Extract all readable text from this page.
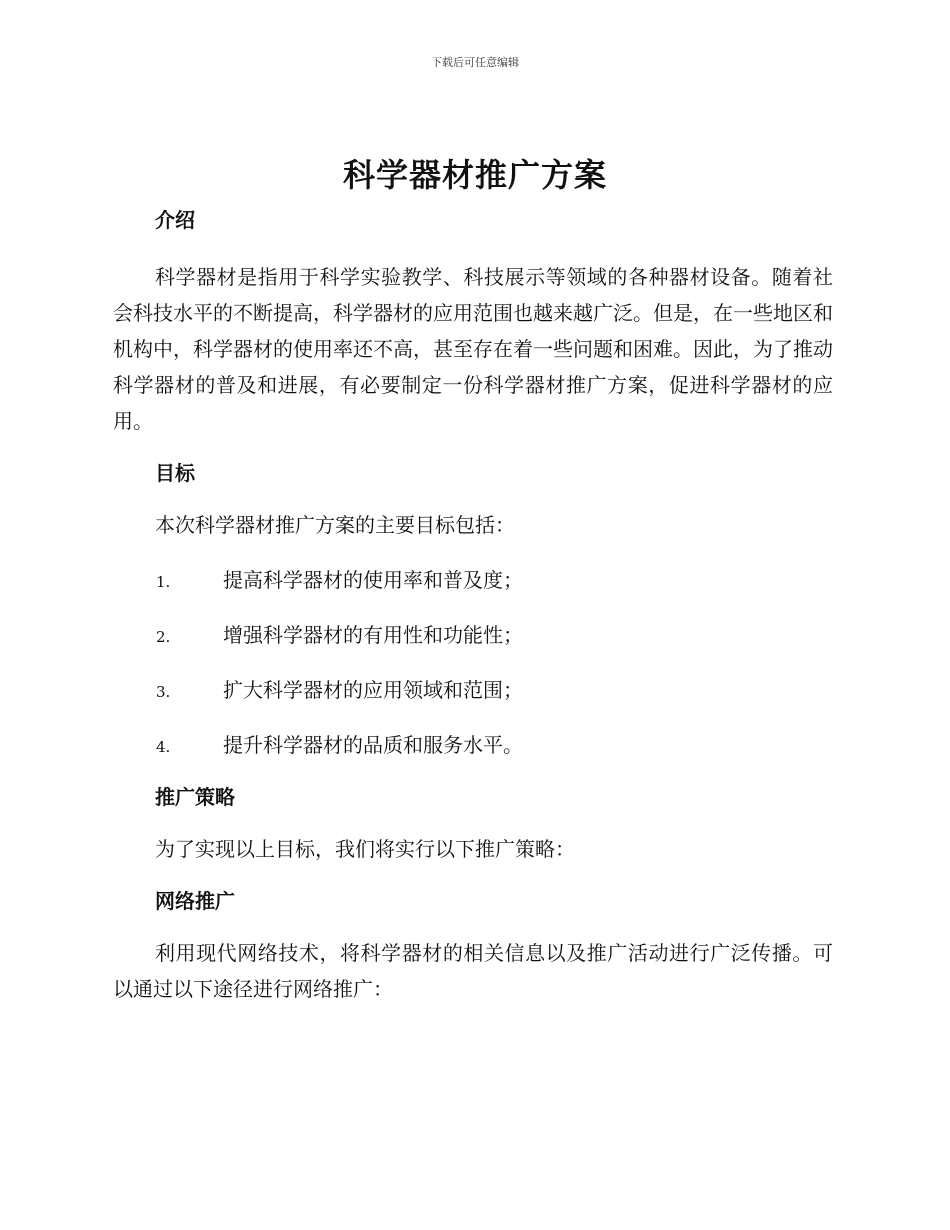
下载后可任意编辑
科学器材推广方案
介绍

科学器材是指用于科学实验教学、科技展示等领域的各种器材设备。随着社会科技水平的不断提高，科学器材的应用范围也越来越广泛。但是，在一些地区和机构中，科学器材的使用率还不高，甚至存在着一些问题和困难。因此，为了推动科学器材的普及和进展，有必要制定一份科学器材推广方案，促进科学器材的应用。

目标

本次科学器材推广方案的主要目标包括：

1.	提高科学器材的使用率和普及度；
2.	增强科学器材的有用性和功能性；
3.	扩大科学器材的应用领域和范围；
4.	提升科学器材的品质和服务水平。
推广策略

为了实现以上目标，我们将实行以下推广策略：

网络推广

利用现代网络技术，将科学器材的相关信息以及推广活动进行广泛传播。可以通过以下途径进行网络推广：
